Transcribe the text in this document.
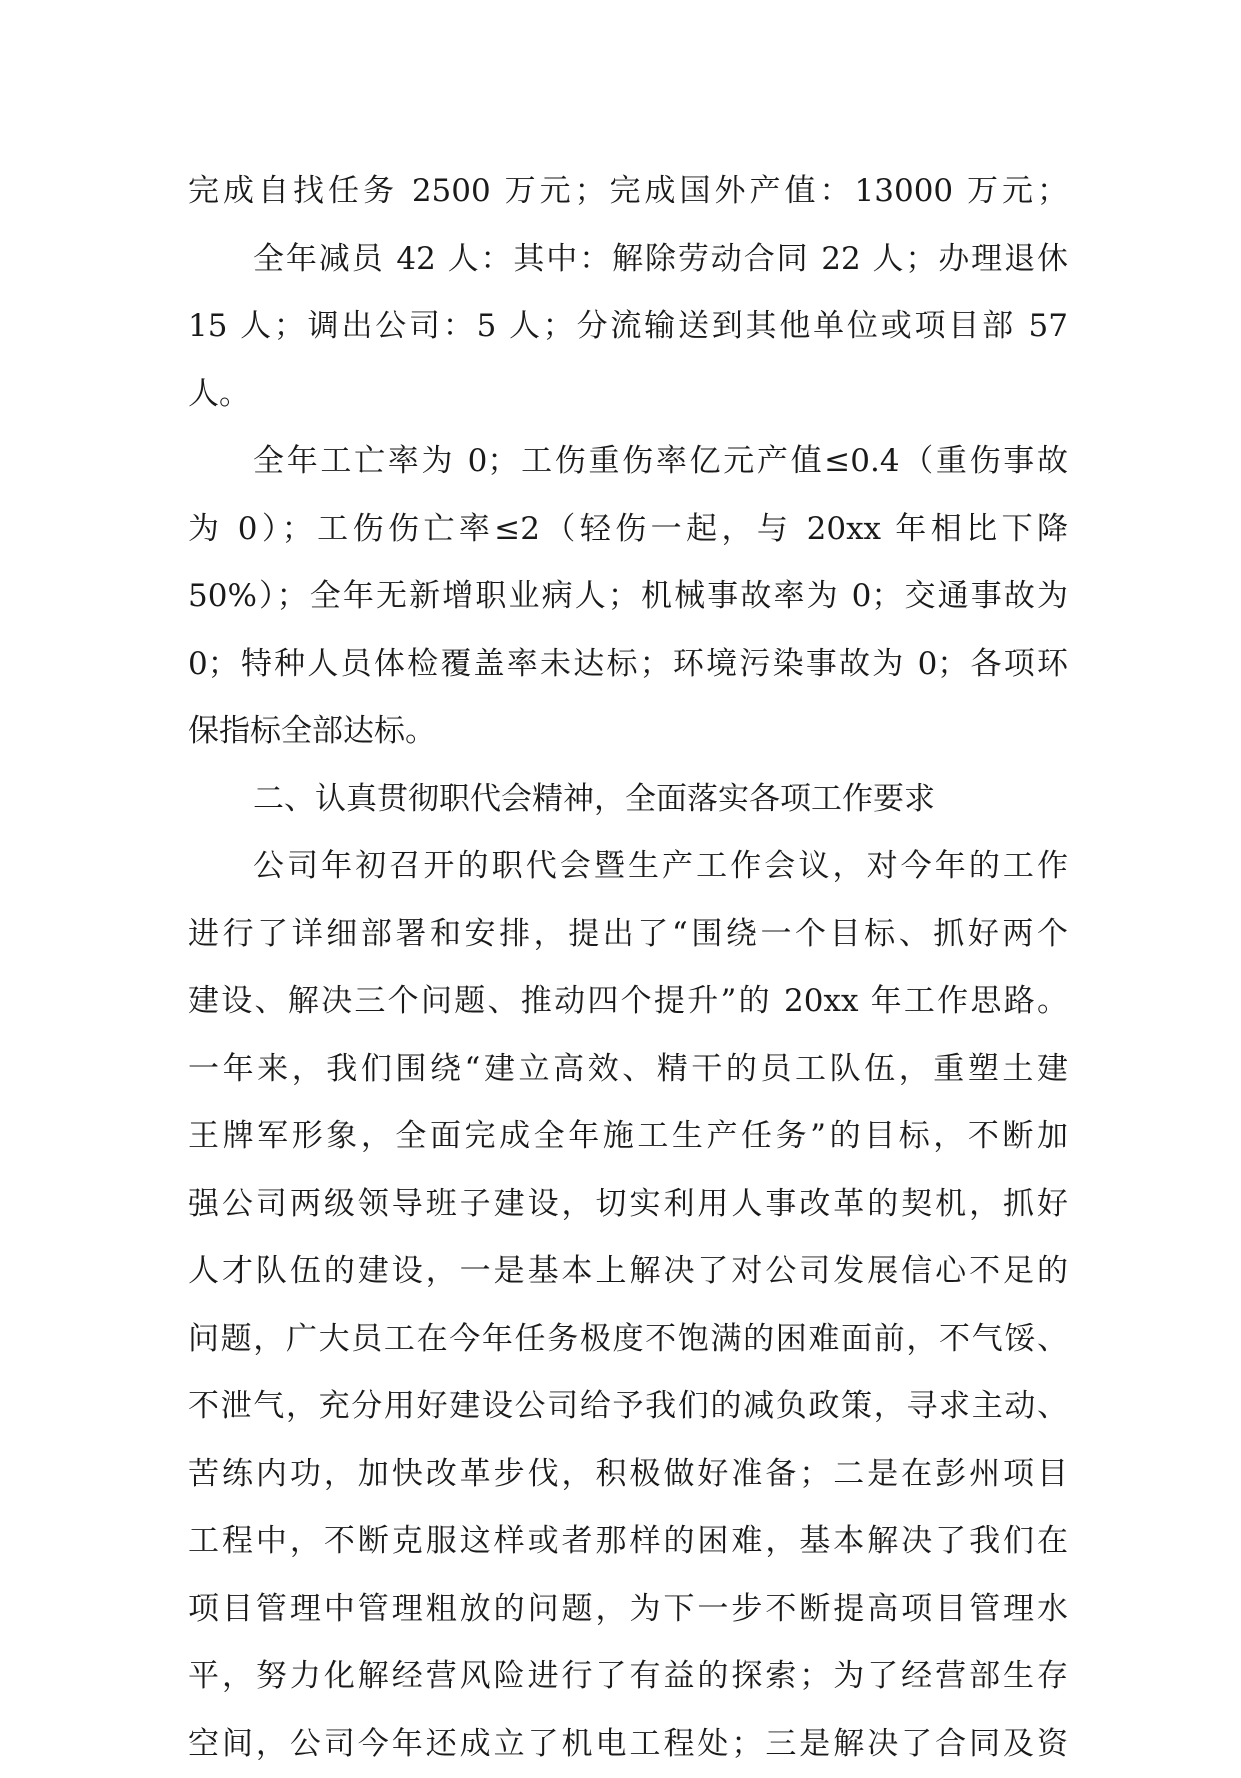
完成自找任务 2500 万元；完成国外产值：13000 万元；
全年减员 42 人：其中：解除劳动合同 22 人；办理退休
15 人；调出公司：5 人；分流输送到其他单位或项目部 57
人。
全年工亡率为 0；工伤重伤率亿元产值≤0.4（重伤事故
为 0）；工伤伤亡率≤2（轻伤一起，与 20xx 年相比下降
50%）；全年无新增职业病人；机械事故率为 0；交通事故为
0；特种人员体检覆盖率未达标；环境污染事故为 0；各项环
保指标全部达标。
二、认真贯彻职代会精神，全面落实各项工作要求
公司年初召开的职代会暨生产工作会议，对今年的工作
进行了详细部署和安排，提出了“围绕一个目标、抓好两个
建设、解决三个问题、推动四个提升”的 20xx 年工作思路。
一年来，我们围绕“建立高效、精干的员工队伍，重塑土建
王牌军形象，全面完成全年施工生产任务”的目标，不断加
强公司两级领导班子建设，切实利用人事改革的契机，抓好
人才队伍的建设，一是基本上解决了对公司发展信心不足的
问题，广大员工在今年任务极度不饱满的困难面前，不气馁、
不泄气，充分用好建设公司给予我们的减负政策，寻求主动、
苦练内功，加快改革步伐，积极做好准备；二是在彭州项目
工程中，不断克服这样或者那样的困难，基本解决了我们在
项目管理中管理粗放的问题，为下一步不断提高项目管理水
平，努力化解经营风险进行了有益的探索；为了经营部生存
空间，公司今年还成立了机电工程处；三是解决了合同及资
